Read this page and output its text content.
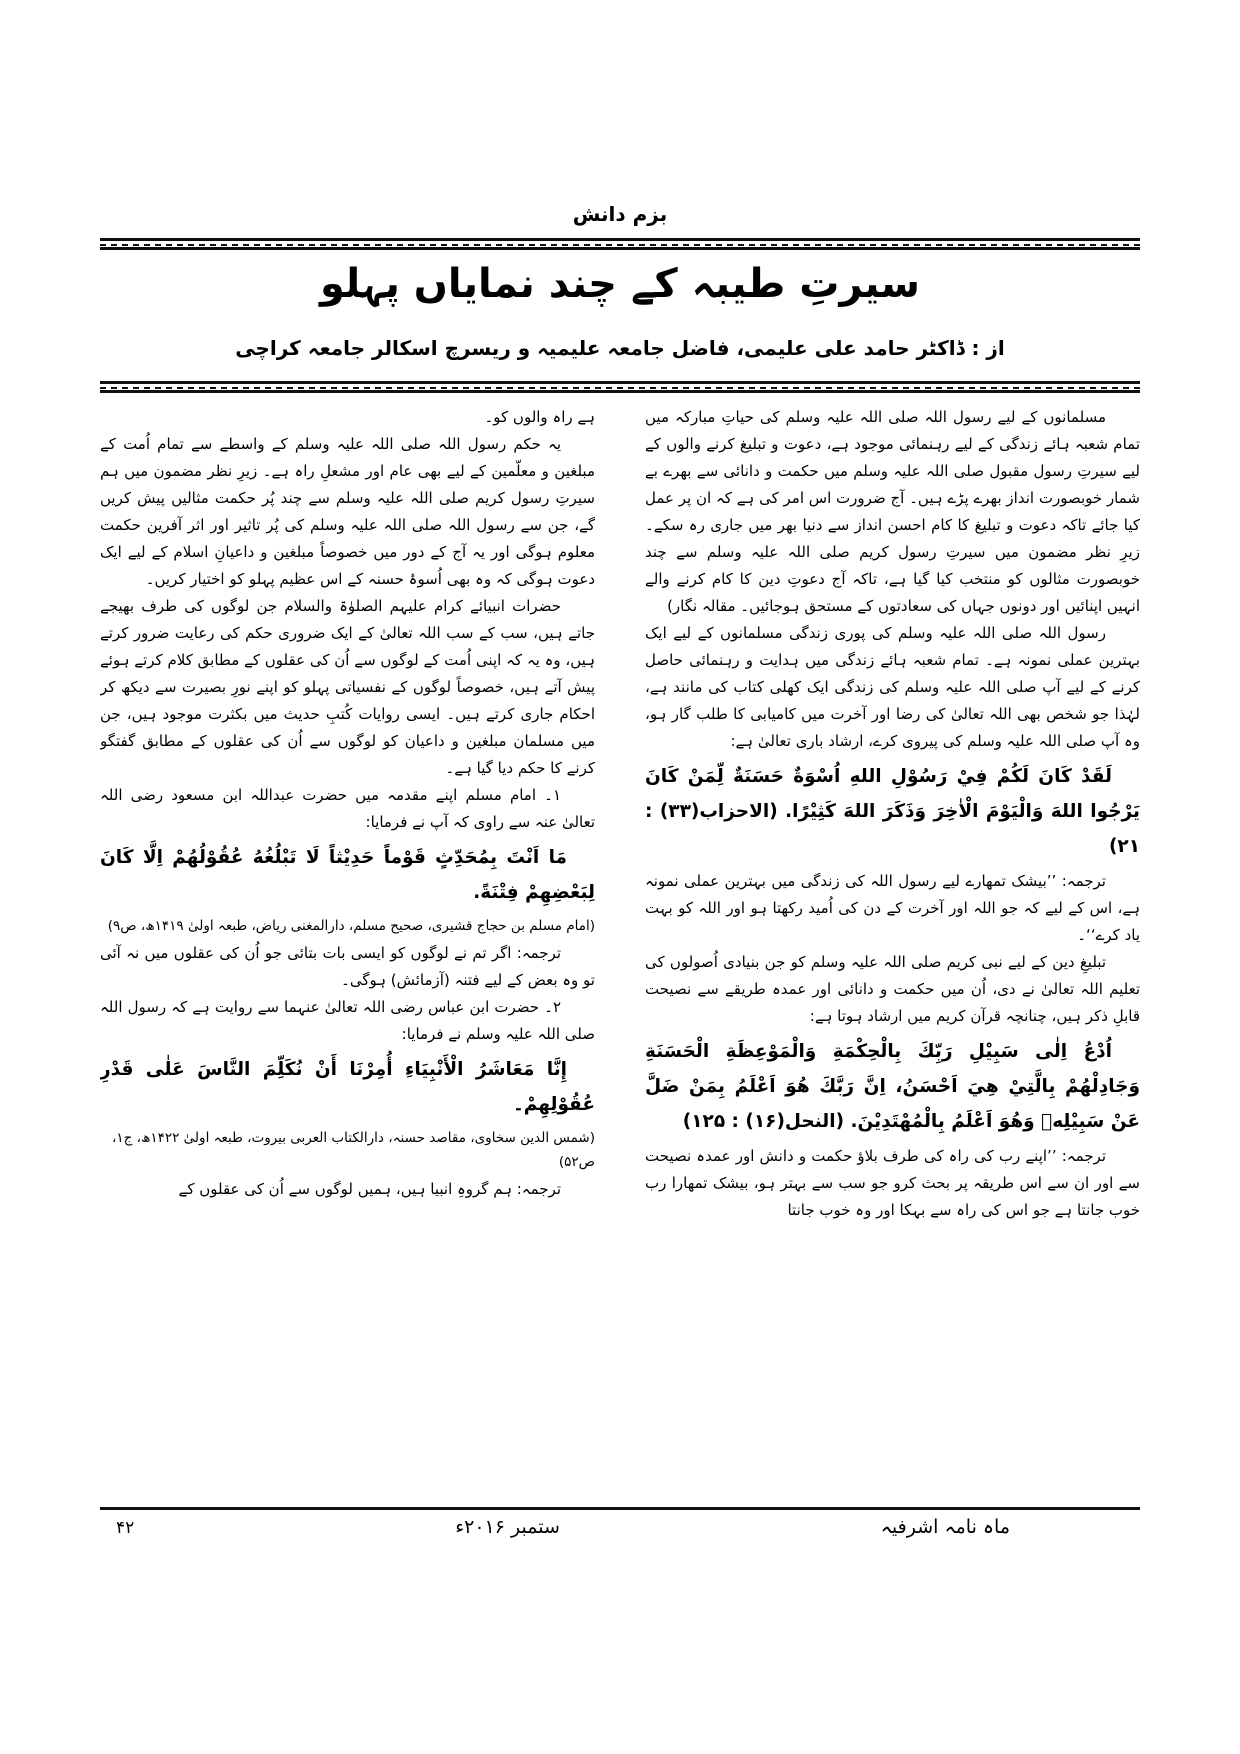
بزم دانش
سیرتِ طیبہ کے چند نمایاں پہلو
از : ڈاکٹر حامد علی علیمی، فاضل جامعہ علیمیہ و ریسرچ اسکالر جامعہ کراچی

مسلمانوں کے لیے رسول اللہ صلی اللہ علیہ وسلم کی حیاتِ مبارکہ میں تمام شعبہ ہائے زندگی کے لیے رہنمائی موجود ہے، دعوت و تبلیغ کرنے والوں کے لیے سیرتِ رسول مقبول صلی اللہ علیہ وسلم میں حکمت و دانائی سے بھرے بے شمار خوبصورت انداز بھرے پڑے ہیں۔ آج ضرورت اس امر کی ہے کہ ان پر عمل کیا جائے تاکہ دعوت و تبلیغ کا کام احسن انداز سے دنیا بھر میں جاری رہ سکے۔ زیرِ نظر مضمون میں سیرتِ رسول کریم صلی اللہ علیہ وسلم سے چند خوبصورت مثالوں کو منتخب کیا گیا ہے، تاکہ آج دعوتِ دین کا کام کرنے والے انہیں اپنائیں اور دونوں جہاں کی سعادتوں کے مستحق ہوجائیں۔ مقالہ نگار)

رسول اللہ صلی اللہ علیہ وسلم کی پوری زندگی مسلمانوں کے لیے ایک بہترین عملی نمونہ ہے۔ تمام شعبہ ہائے زندگی میں ہدایت و رہنمائی حاصل کرنے کے لیے آپ صلی اللہ علیہ وسلم کی زندگی ایک کھلی کتاب کی مانند ہے، لہٰذا جو شخص بھی اللہ تعالیٰ کی رضا اور آخرت میں کامیابی کا طلب گار ہو، وہ آپ صلی اللہ علیہ وسلم کی پیروی کرے، ارشاد باری تعالیٰ ہے:

لَقَدْ كَانَ لَكُمْ فِيْ رَسُوْلِ اللهِ اُسْوَةٌ حَسَنَةٌ لِّمَنْ كَانَ يَرْجُوا اللهَ وَالْيَوْمَ الْاٰخِرَ وَذَكَرَ اللهَ كَثِيْرًا. (الاحزاب(۳۳) : ۲۱)

ترجمہ: ’’بیشک تمھارے لیے رسول اللہ کی زندگی میں بہترین عملی نمونہ ہے، اس کے لیے کہ جو اللہ اور آخرت کے دن کی اُمید رکھتا ہو اور اللہ کو بہت یاد کرے‘‘۔

تبلیغِ دین کے لیے نبی کریم صلی اللہ علیہ وسلم کو جن بنیادی اُصولوں کی تعلیم اللہ تعالیٰ نے دی، اُن میں حکمت و دانائی اور عمدہ طریقے سے نصیحت قابلِ ذکر ہیں، چنانچہ قرآن کریم میں ارشاد ہوتا ہے:

اُدْعُ اِلٰى سَبِيْلِ رَبِّكَ بِالْحِكْمَةِ وَالْمَوْعِظَةِ الْحَسَنَةِ وَجَادِلْهُمْ بِالَّتِيْ هِيَ اَحْسَنُ، اِنَّ رَبَّكَ هُوَ اَعْلَمُ بِمَنْ ضَلَّ عَنْ سَبِيْلِهٖ وَهُوَ اَعْلَمُ بِالْمُهْتَدِيْنَ. (النحل(۱۶) : ۱۲۵)

ترجمہ: ’’اپنے رب کی راہ کی طرف بلاؤ حکمت و دانش اور عمدہ نصیحت سے اور ان سے اس طریقہ پر بحث کرو جو سب سے بہتر ہو، بیشک تمھارا رب خوب جانتا ہے جو اس کی راہ سے بہکا اور وہ خوب جانتا

ہے راہ والوں کو۔

یہ حکم رسول اللہ صلی اللہ علیہ وسلم کے واسطے سے تمام اُمت کے مبلغین و معلّمین کے لیے بھی عام اور مشعلِ راہ ہے۔ زیرِ نظر مضمون میں ہم سیرتِ رسول کریم صلی اللہ علیہ وسلم سے چند پُر حکمت مثالیں پیش کریں گے، جن سے رسول اللہ صلی اللہ علیہ وسلم کی پُر تاثیر اور اثر آفرین حکمت معلوم ہوگی اور یہ آج کے دور میں خصوصاً مبلغین و داعیانِ اسلام کے لیے ایک دعوت ہوگی کہ وہ بھی اُسوۂ حسنہ کے اس عظیم پہلو کو اختیار کریں۔

حضرات انبیائے کرام علیہم الصلوٰۃ والسلام جن لوگوں کی طرف بھیجے جاتے ہیں، سب کے سب اللہ تعالیٰ کے ایک ضروری حکم کی رعایت ضرور کرتے ہیں، وہ یہ کہ اپنی اُمت کے لوگوں سے اُن کی عقلوں کے مطابق کلام کرتے ہوئے پیش آتے ہیں، خصوصاً لوگوں کے نفسیاتی پہلو کو اپنے نورِ بصیرت سے دیکھ کر احکام جاری کرتے ہیں۔ ایسی روایات کُتبِ حدیث میں بکثرت موجود ہیں، جن میں مسلمان مبلغین و داعیان کو لوگوں سے اُن کی عقلوں کے مطابق گفتگو کرنے کا حکم دیا گیا ہے۔

۱۔ امام مسلم اپنے مقدمہ میں حضرت عبداللہ ابن مسعود رضی اللہ تعالیٰ عنہ سے راوی کہ آپ نے فرمایا:

مَا اَنْتَ بِمُحَدِّثٍ قَوْماً حَدِيْثاً لَا تَبْلُغُهُ عُقُوْلُهُمْ اِلَّا كَانَ لِبَعْضِهِمْ فِتْنَةً.

(امام مسلم بن حجاج قشیری، صحیح مسلم، دارالمغنی ریاض، طبعہ اولیٰ ۱۴۱۹ھ، ص۹)

ترجمہ: اگر تم نے لوگوں کو ایسی بات بتائی جو اُن کی عقلوں میں نہ آئی تو وہ بعض کے لیے فتنہ (آزمائش) ہوگی۔

۲۔ حضرت ابن عباس رضی اللہ تعالیٰ عنہما سے روایت ہے کہ رسول اللہ صلی اللہ علیہ وسلم نے فرمایا:

إِنَّا مَعَاشَرُ الْأَنْبِيَاءِ أُمِرْنَا أَنْ نُكَلِّمَ النَّاسَ عَلٰى قَدْرِ عُقُوْلِهِمْ۔

(شمس الدین سخاوی، مقاصد حسنہ، دارالکتاب العربی بیروت، طبعہ اولیٰ ۱۴۲۲ھ، ج۱، ص۵۲)

ترجمہ: ہم گروہِ انبیا ہیں، ہمیں لوگوں سے اُن کی عقلوں کے

ماہ نامہ اشرفیہ
ستمبر ۲۰۱۶ء
۴۲
